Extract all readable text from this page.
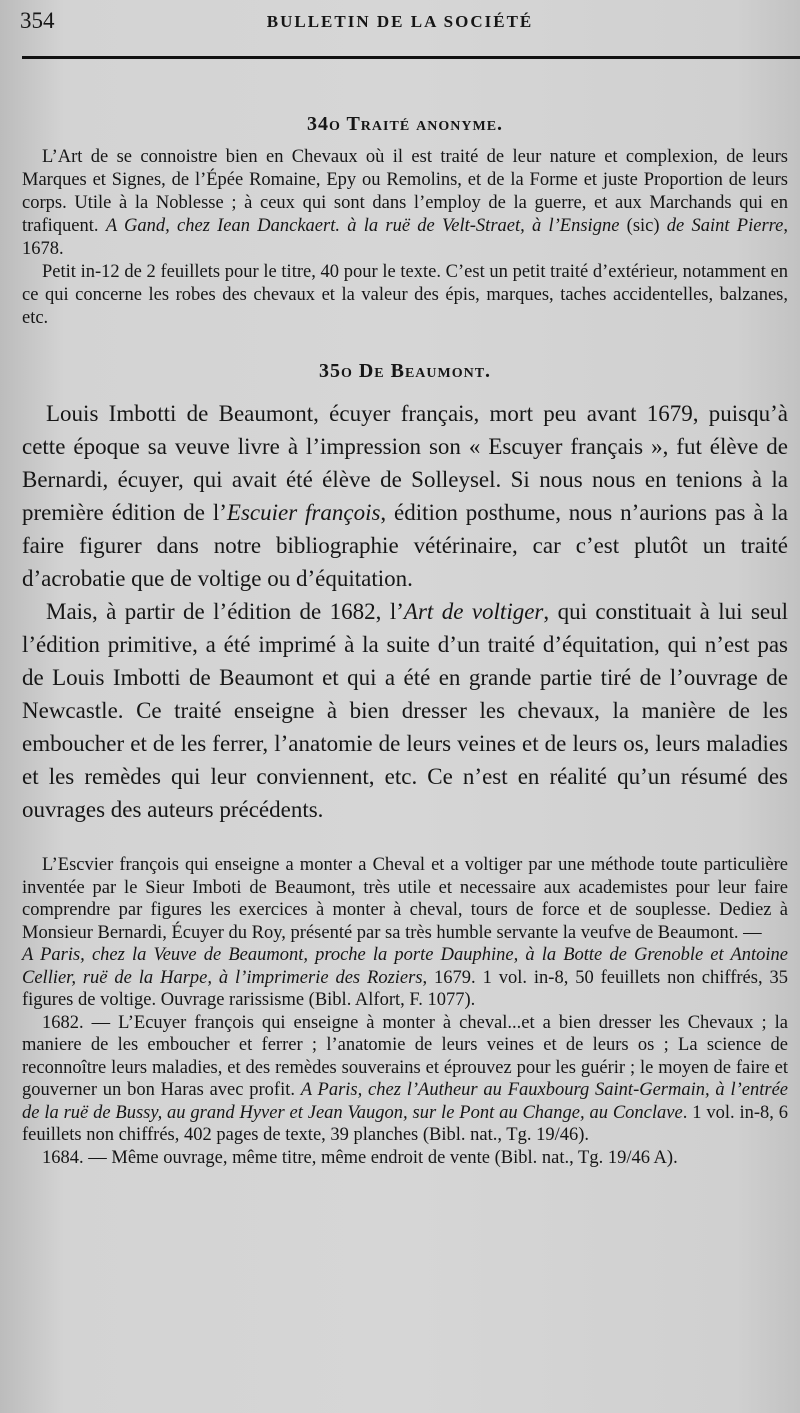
354	BULLETIN DE LA SOCIÉTÉ
34o Traité anonyme.

L’Art de se connoistre bien en Chevaux où il est traité de leur nature et complexion, de leurs Marques et Signes, de l’Épée Romaine, Epy ou Remolins, et de la Forme et juste Proportion de leurs corps. Utile à la Noblesse ; à ceux qui sont dans l’employ de la guerre, et aux Marchands qui en trafiquent. A Gand, chez Iean Danckaert. à la ruë de Velt-Straet, à l’Ensigne (sic) de Saint Pierre, 1678.

Petit in-12 de 2 feuillets pour le titre, 40 pour le texte. C’est un petit traité d’extérieur, notamment en ce qui concerne les robes des chevaux et la valeur des épis, marques, taches accidentelles, balzanes, etc.

35o De Beaumont.

Louis Imbotti de Beaumont, écuyer français, mort peu avant 1679, puisqu’à cette époque sa veuve livre à l’impression son « Escuyer français », fut élève de Bernardi, écuyer, qui avait été élève de Solleysel. Si nous nous en tenions à la première édition de l’Escuier françois, édition posthume, nous n’aurions pas à la faire figurer dans notre bibliographie vétérinaire, car c’est plutôt un traité d’acrobatie que de voltige ou d’équitation.

Mais, à partir de l’édition de 1682, l’Art de voltiger, qui constituait à lui seul l’édition primitive, a été imprimé à la suite d’un traité d’équitation, qui n’est pas de Louis Imbotti de Beaumont et qui a été en grande partie tiré de l’ouvrage de Newcastle. Ce traité enseigne à bien dresser les chevaux, la manière de les emboucher et de les ferrer, l’anatomie de leurs veines et de leurs os, leurs maladies et les remèdes qui leur conviennent, etc. Ce n’est en réalité qu’un résumé des ouvrages des auteurs précédents.

L’Escvier françois qui enseigne a monter a Cheval et a voltiger par une méthode toute particulière inventée par le Sieur Imboti de Beaumont, très utile et necessaire aux academistes pour leur faire comprendre par figures les exercices à monter à cheval, tours de force et de souplesse. Dediez à Monsieur Bernardi, Écuyer du Roy, présenté par sa très humble servante la veufve de Beaumont. —
A Paris, chez la Veuve de Beaumont, proche la porte Dauphine, à la Botte de Grenoble et Antoine Cellier, ruë de la Harpe, à l’imprimerie des Roziers, 1679. 1 vol. in-8, 50 feuillets non chiffrés, 35 figures de voltige. Ouvrage rarissisme (Bibl. Alfort, F. 1077).

1682. — L’Ecuyer françois qui enseigne à monter à cheval...et a bien dresser les Chevaux ; la maniere de les emboucher et ferrer ; l’anatomie de leurs veines et de leurs os ; La science de reconnoître leurs maladies, et des remèdes souverains et éprouvez pour les guérir ; le moyen de faire et gouverner un bon Haras avec profit. A Paris, chez l’Autheur au Fauxbourg Saint-Germain, à l’entrée de la ruë de Bussy, au grand Hyver et Jean Vaugon, sur le Pont au Change, au Conclave. 1 vol. in-8, 6 feuillets non chiffrés, 402 pages de texte, 39 planches (Bibl. nat., Tg. 19/46).

1684. — Même ouvrage, même titre, même endroit de vente (Bibl. nat., Tg. 19/46 A).
